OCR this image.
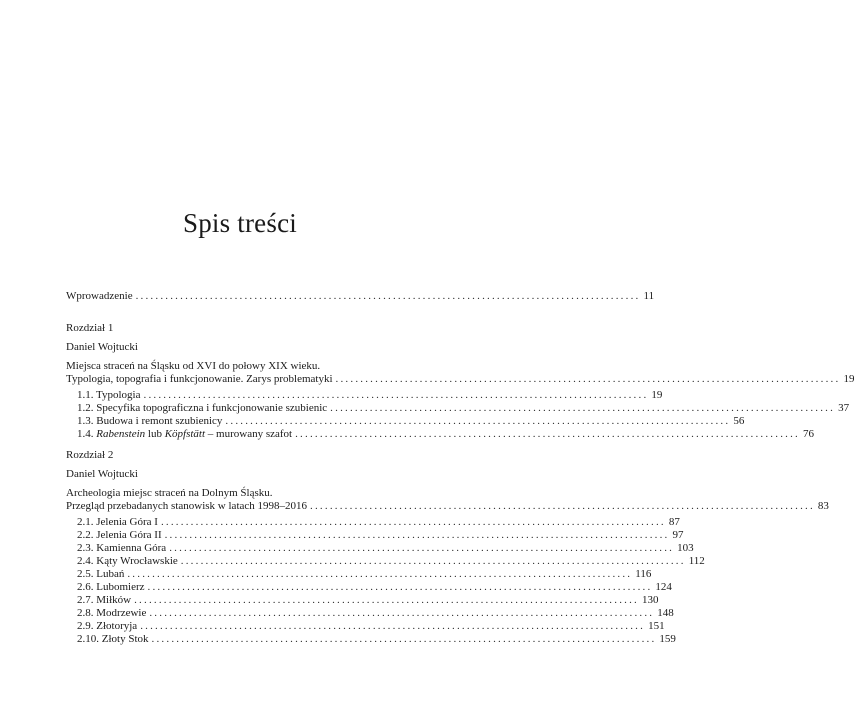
Spis treści
Wprowadzenie ...................................................................................................... 11
Rozdział 1
Daniel Wojtucki
Miejsca straceń na Śląsku od XVI do połowy XIX wieku.
Typologia, topografia i funkcjonowanie. Zarys problematyki ...................................................................................................... 19
1.1. Typologia ...................................................................................................... 19
1.2. Specyfika topograficzna i funkcjonowanie szubienic ...................................................................................................... 37
1.3. Budowa i remont szubienicy ...................................................................................................... 56
1.4. Rabenstein lub Köpfstätt – murowany szafot ...................................................................................................... 76
Rozdział 2
Daniel Wojtucki
Archeologia miejsc straceń na Dolnym Śląsku.
Przegląd przebadanych stanowisk w latach 1998–2016 ...................................................................................................... 83
2.1. Jelenia Góra I ...................................................................................................... 87
2.2. Jelenia Góra II ...................................................................................................... 97
2.3. Kamienna Góra ...................................................................................................... 103
2.4. Kąty Wrocławskie ...................................................................................................... 112
2.5. Lubań ...................................................................................................... 116
2.6. Lubomierz ...................................................................................................... 124
2.7. Miłków ...................................................................................................... 130
2.8. Modrzewie ...................................................................................................... 148
2.9. Złotoryja ...................................................................................................... 151
2.10. Złoty Stok ...................................................................................................... 159
